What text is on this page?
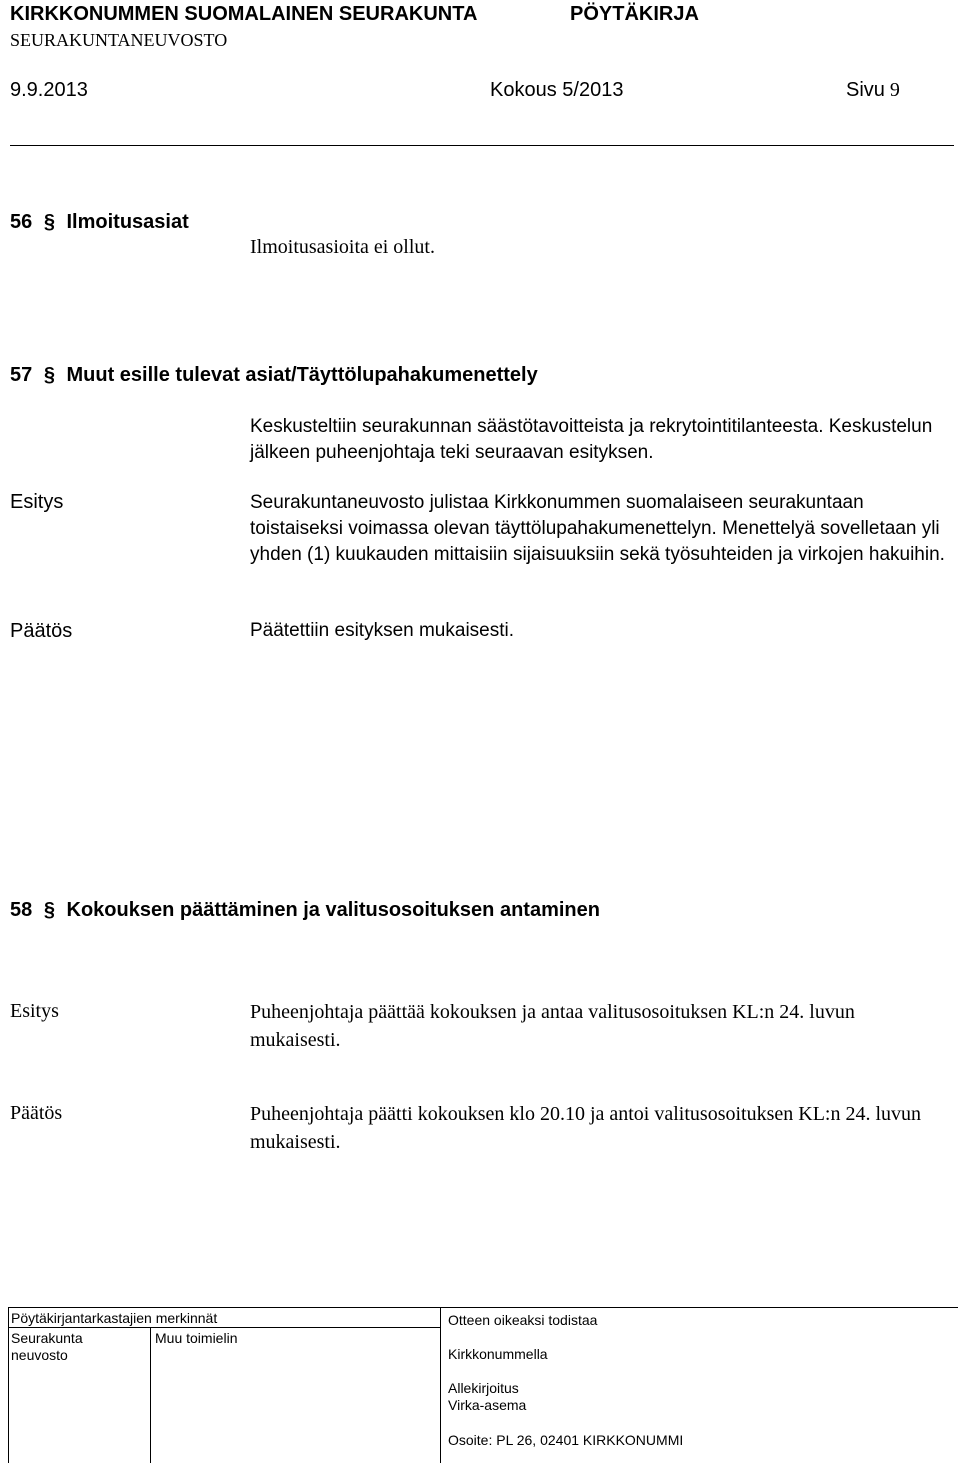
KIRKKONUMMEN SUOMALAINEN SEURAKUNTA	PÖYTÄKIRJA
SEURAKUNTANEUVOSTO
9.9.2013	Kokous 5/2013	Sivu 9
56 § Ilmoitusasiat
Ilmoitusasioita ei ollut.
57 § Muut esille tulevat asiat/Täyttölupahakumenettely
Keskusteltiin seurakunnan säästötavoitteista ja rekrytointitilanteesta. Keskustelun jälkeen puheenjohtaja teki seuraavan esityksen.
Esitys	Seurakuntaneuvosto julistaa Kirkkonummen suomalaiseen seurakuntaan toistaiseksi voimassa olevan täyttölupahakumenettelyn. Menettelyä sovelletaan yli yhden (1) kuukauden mittaisiin sijaisuuksiin sekä työsuhteiden ja virkojen hakuihin.
Päätös	Päätettiin esityksen mukaisesti.
58 § Kokouksen päättäminen ja valitusosoituksen antaminen
Esitys	Puheenjohtaja päättää kokouksen ja antaa valitusosoituksen KL:n 24. luvun mukaisesti.
Päätös	Puheenjohtaja päätti kokouksen klo 20.10 ja antoi valitusosoituksen KL:n 24. luvun mukaisesti.
Pöytäkirjantarkastajien merkinnät
Seurakunta
neuvosto
Muu toimielin
Otteen oikeaksi todistaa
Kirkkonummella
Allekirjoitus
Virka-asema
Osoite: PL 26, 02401 KIRKKONUMMI
